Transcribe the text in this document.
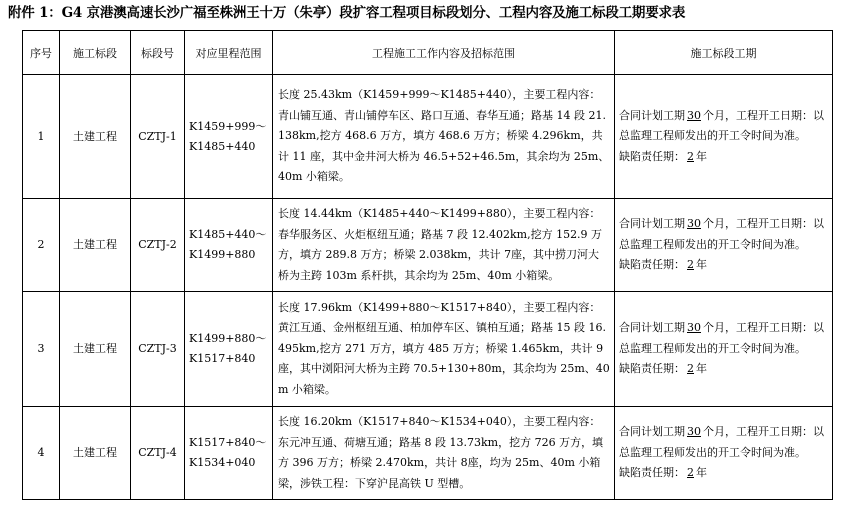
附件 1：G4 京港澳高速长沙广福至株洲王十万（朱亭）段扩容工程项目标段划分、工程内容及施工标段工期要求表
序号	施工标段	标段号	对应里程范围	工程施工工作内容及招标范围	施工标段工期
1	土建工程	CZTJ-1	K1459+999～
K1485+440	长度 25.43km（K1459+999～K1485+440），主要工程内容：青山铺互通、青山铺停车区、路口互通、春华互通；路基 14 段 21.138km,挖方 468.6 万方，填方 468.6 万方；桥梁 4.296km，共计 11 座，其中金井河大桥为 46.5+52+46.5m，其余均为 25m、40m 小箱梁。	合同计划工期 30 个月，工程开工日期：以总监理工程师发出的开工令时间为准。
缺陷责任期： 2 年
2	土建工程	CZTJ-2	K1485+440～
K1499+880	长度 14.44km（K1485+440～K1499+880），主要工程内容：春华服务区、火炬枢纽互通；路基 7 段 12.402km,挖方 152.9 万方，填方 289.8 万方；桥梁 2.038km，共计 7座，其中捞刀河大桥为主跨 103m 系杆拱，其余均为 25m、40m 小箱梁。	合同计划工期 30 个月，工程开工日期：以总监理工程师发出的开工令时间为准。
缺陷责任期： 2 年
3	土建工程	CZTJ-3	K1499+880～
K1517+840	长度 17.96km（K1499+880～K1517+840），主要工程内容：黄江互通、金州枢纽互通、柏加停车区、镇柏互通；路基 15 段 16.495km,挖方 271 万方，填方 485 万方；桥梁 1.465km，共计 9座，其中浏阳河大桥为主跨 70.5+130+80m，其余均为 25m、40m 小箱梁。	合同计划工期 30 个月，工程开工日期：以总监理工程师发出的开工令时间为准。
缺陷责任期： 2 年
4	土建工程	CZTJ-4	K1517+840～
K1534+040	长度 16.20km（K1517+840～K1534+040），主要工程内容：东元冲互通、荷塘互通；路基 8 段 13.73km，挖方 726 万方，填方 396 万方；桥梁 2.470km，共计 8座，均为 25m、40m 小箱梁，涉铁工程：下穿沪昆高铁 U 型槽。	合同计划工期 30 个月，工程开工日期：以总监理工程师发出的开工令时间为准。
缺陷责任期： 2 年
